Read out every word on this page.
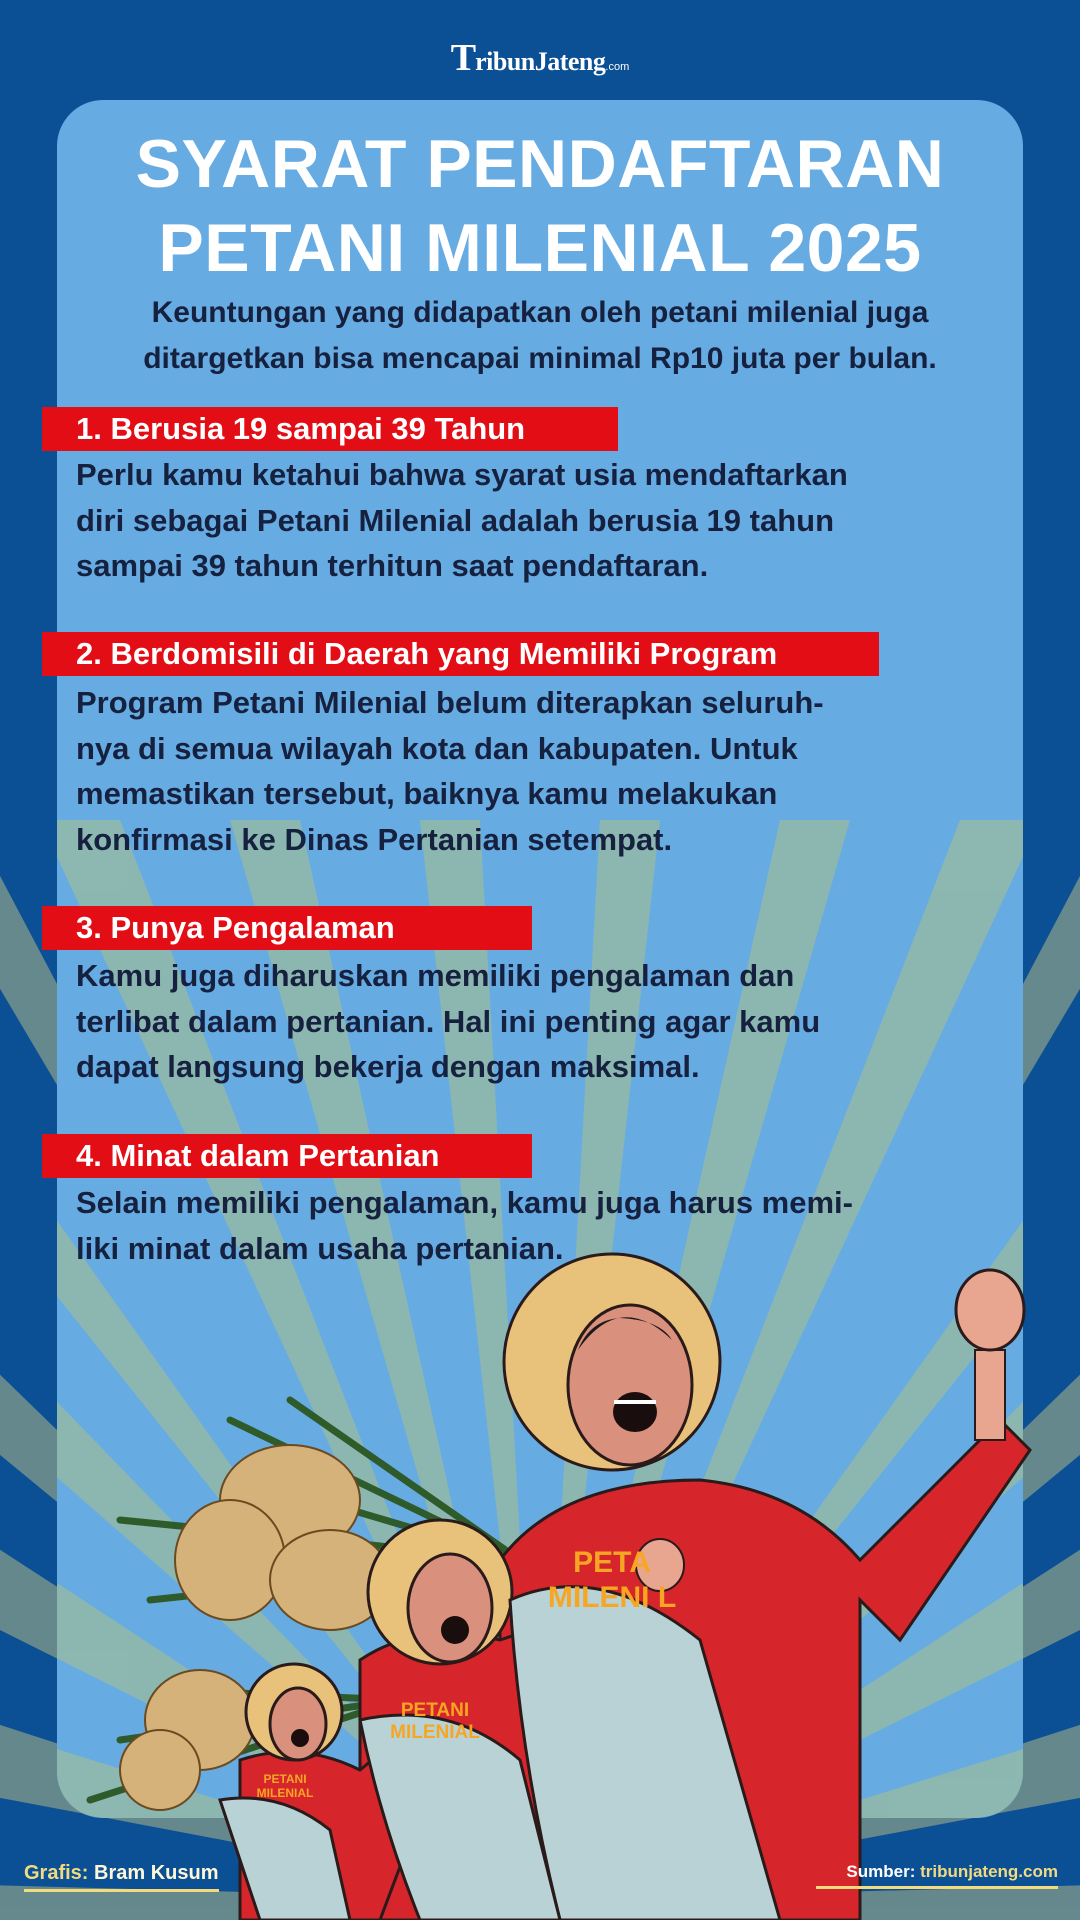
TribunJateng.com
PETA
MILENI L
PETANI
MILENIAL
PETANI
MILENIAL
SYARAT PENDAFTARAN
PETANI MILENIAL 2025
Keuntungan yang didapatkan oleh petani milenial juga
ditargetkan bisa mencapai minimal Rp10 juta per bulan.
1. Berusia 19 sampai 39 Tahun
Perlu kamu ketahui bahwa syarat usia mendaftarkan
diri sebagai Petani Milenial adalah berusia 19 tahun
sampai 39 tahun terhitun saat pendaftaran.
2. Berdomisili di Daerah yang Memiliki Program
Program Petani Milenial belum diterapkan seluruh-
nya di semua wilayah kota dan kabupaten. Untuk
memastikan tersebut, baiknya kamu melakukan
konfirmasi ke Dinas Pertanian setempat.
3. Punya Pengalaman
Kamu juga diharuskan memiliki pengalaman dan
terlibat dalam pertanian. Hal ini penting agar kamu
dapat langsung bekerja dengan maksimal.
4. Minat dalam Pertanian
Selain memiliki pengalaman, kamu juga harus memi-
liki minat dalam usaha pertanian.
Grafis: Bram Kusum	Sumber: tribunjateng.com
